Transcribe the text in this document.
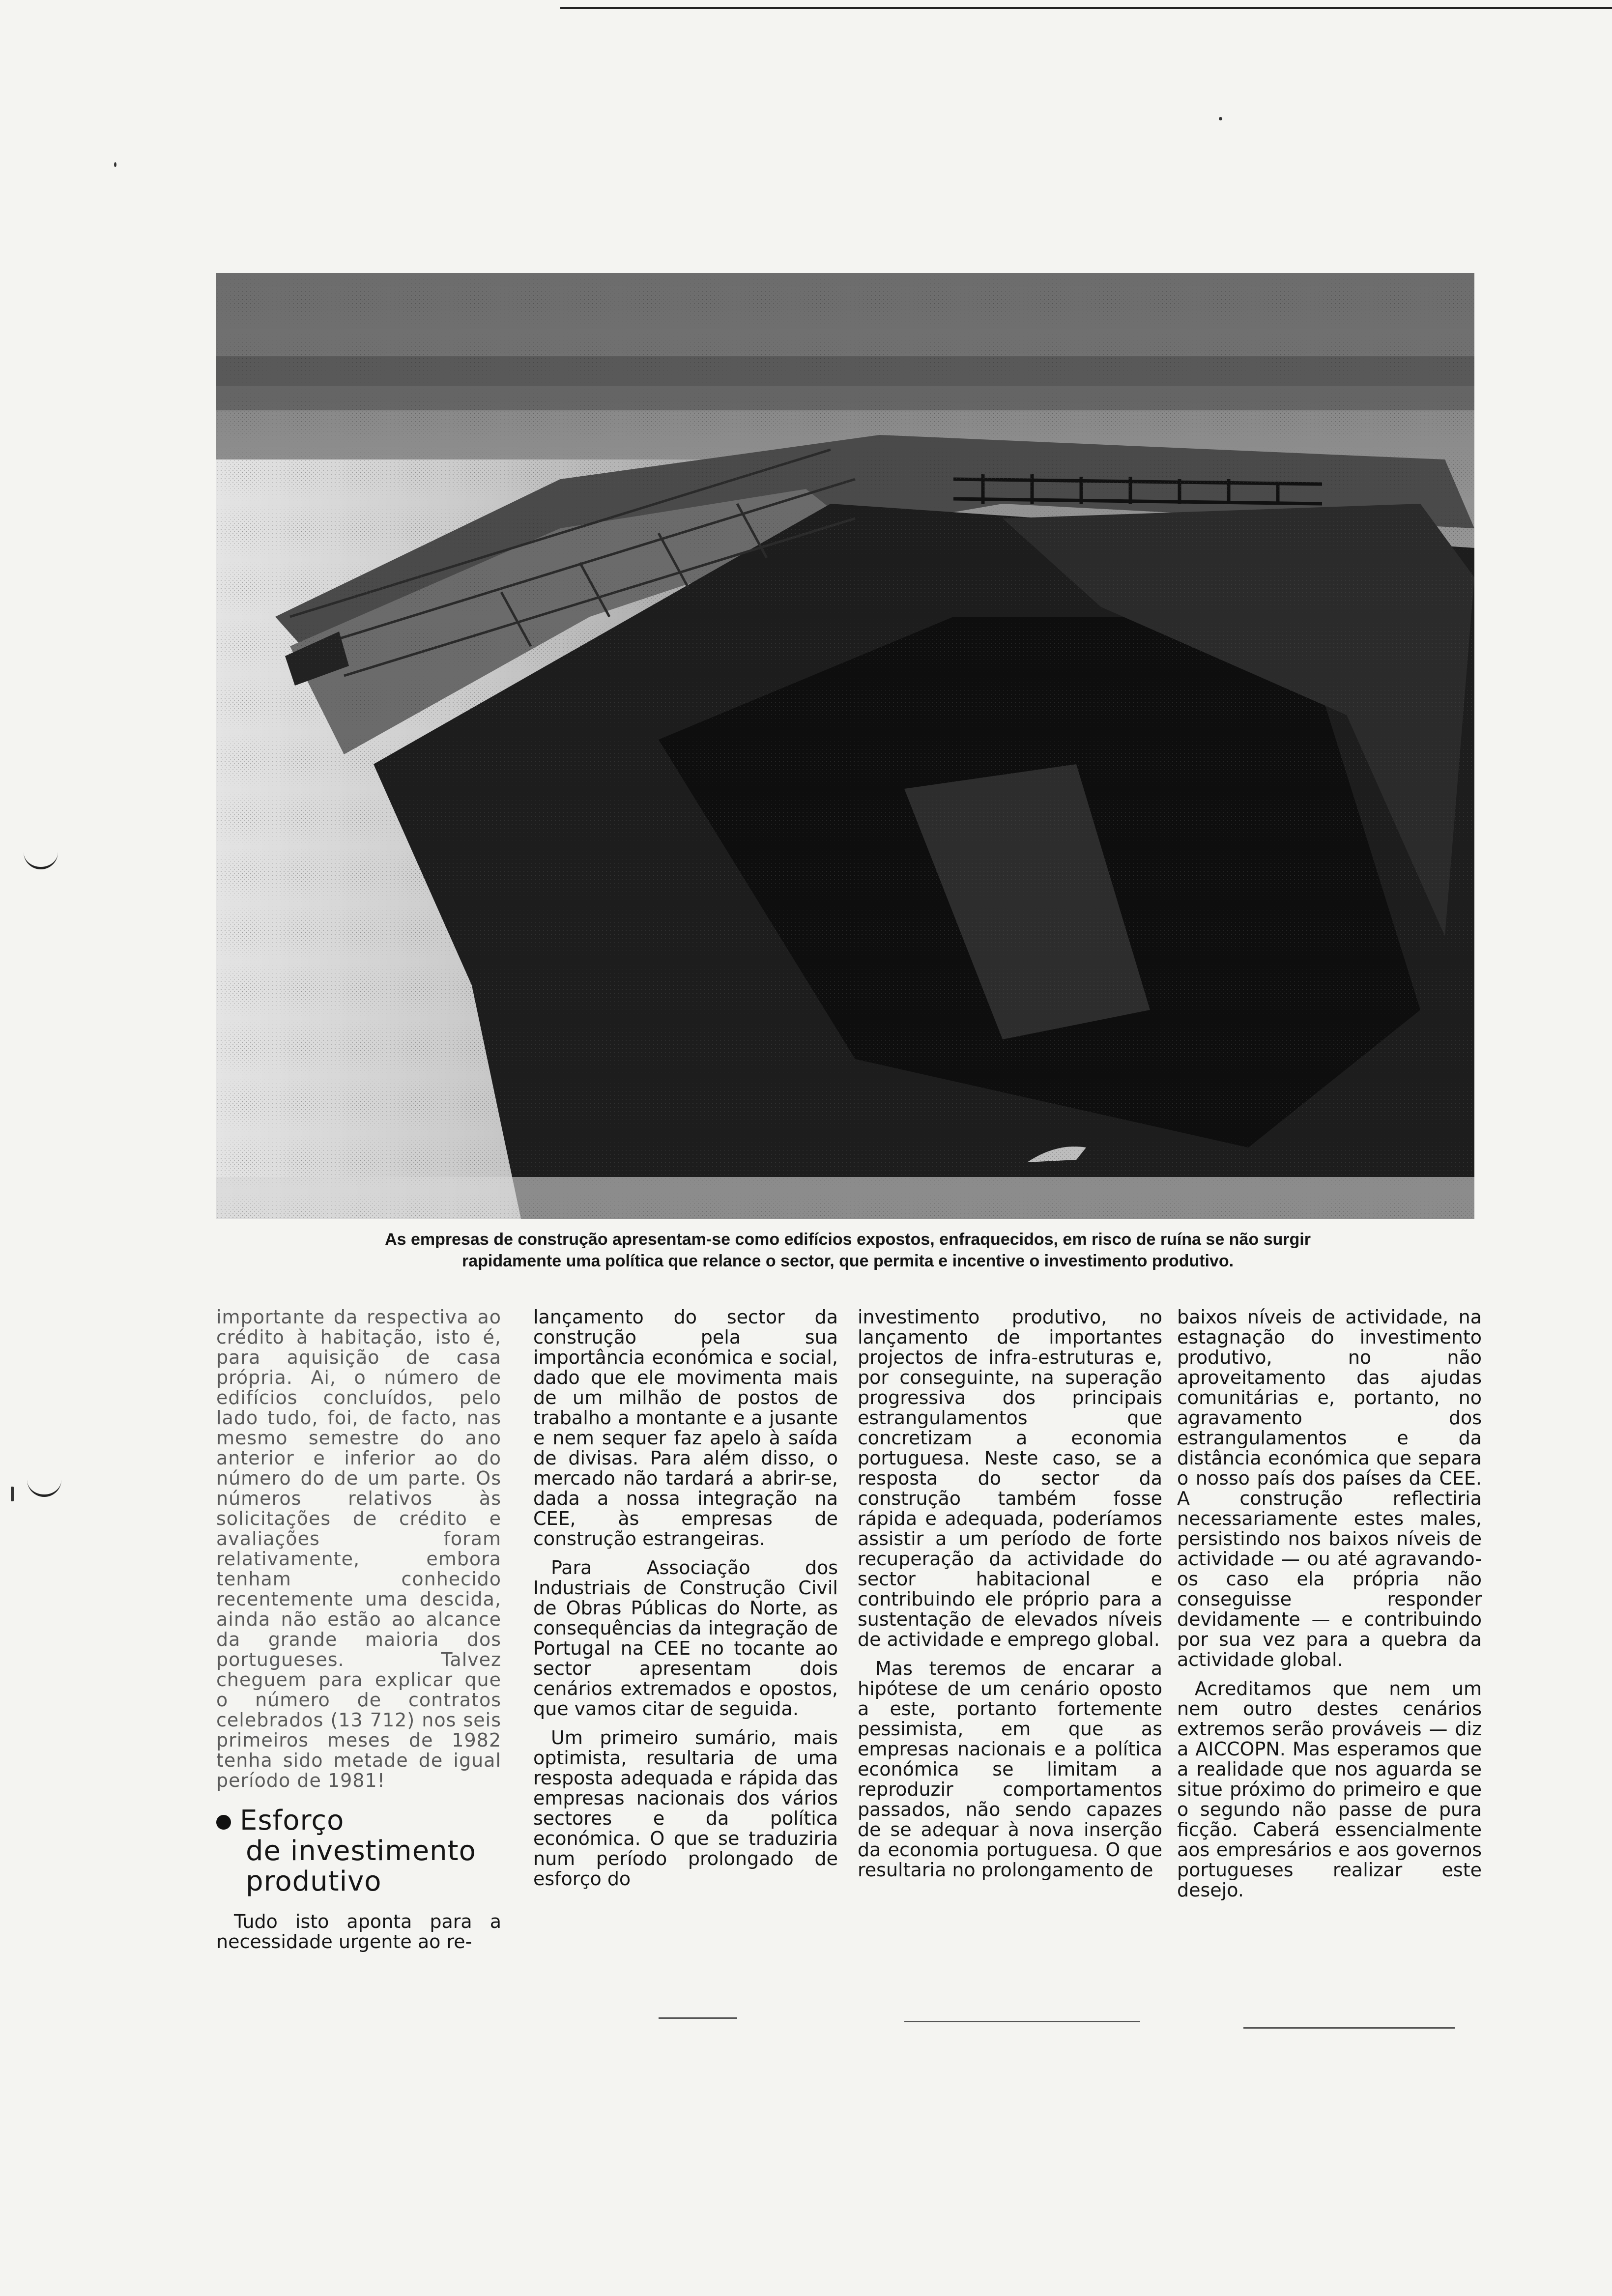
As empresas de construção apresentam-se como edifícios expostos, enfraquecidos, em risco de ruína se não surgir
rapidamente uma política que relance o sector, que permita e incentive o investimento produtivo.

importante da respectiva ao crédito à habitação, isto é, para aquisição de casa própria. Ai, o número de edifícios concluídos, pelo lado tudo, foi, de facto, nas mesmo semestre do ano anterior e inferior ao do número do de um parte. Os números relativos às solicitações de crédito e avaliações foram relativamente, embora tenham conhecido recentemente uma descida, ainda não estão ao alcance da grande maioria dos portugueses. Talvez cheguem para explicar que o número de contratos celebrados (13 712) nos seis primeiros meses de 1982 tenha sido metade de igual período de 1981!

Esforço
de investimento
produtivo

Tudo isto aponta para a necessidade urgente ao re-

lançamento do sector da construção pela sua importância económica e social, dado que ele movimenta mais de um milhão de postos de trabalho a montante e a jusante e nem sequer faz apelo à saída de divisas. Para além disso, o mercado não tardará a abrir-se, dada a nossa integração na CEE, às empresas de construção estrangeiras.

Para Associação dos Industriais de Construção Civil de Obras Públicas do Norte, as consequências da integração de Portugal na CEE no tocante ao sector apresentam dois cenários extremados e opostos, que vamos citar de seguida.

Um primeiro sumário, mais optimista, resultaria de uma resposta adequada e rápida das empresas nacionais dos vários sectores e da política económica. O que se traduziria num período prolongado de esforço do

investimento produtivo, no lançamento de importantes projectos de infra-estruturas e, por conseguinte, na superação progressiva dos principais estrangulamentos que concretizam a economia portuguesa. Neste caso, se a resposta do sector da construção também fosse rápida e adequada, poderíamos assistir a um período de forte recuperação da actividade do sector habitacional e contribuindo ele próprio para a sustentação de elevados níveis de actividade e emprego global.

Mas teremos de encarar a hipótese de um cenário oposto a este, portanto fortemente pessimista, em que as empresas nacionais e a política económica se limitam a reproduzir comportamentos passados, não sendo capazes de se adequar à nova inserção da economia portuguesa. O que resultaria no prolongamento de

baixos níveis de actividade, na estagnação do investimento produtivo, no não aproveitamento das ajudas comunitárias e, portanto, no agravamento dos estrangulamentos e da distância económica que separa o nosso país dos países da CEE. A construção reflectiria necessariamente estes males, persistindo nos baixos níveis de actividade — ou até agravando-os caso ela própria não conseguisse responder devidamente — e contribuindo por sua vez para a quebra da actividade global.

Acreditamos que nem um nem outro destes cenários extremos serão prováveis — diz a AICCOPN. Mas esperamos que a realidade que nos aguarda se situe próximo do primeiro e que o segundo não passe de pura ficção. Caberá essencialmente aos empresários e aos governos portugueses realizar este desejo.
